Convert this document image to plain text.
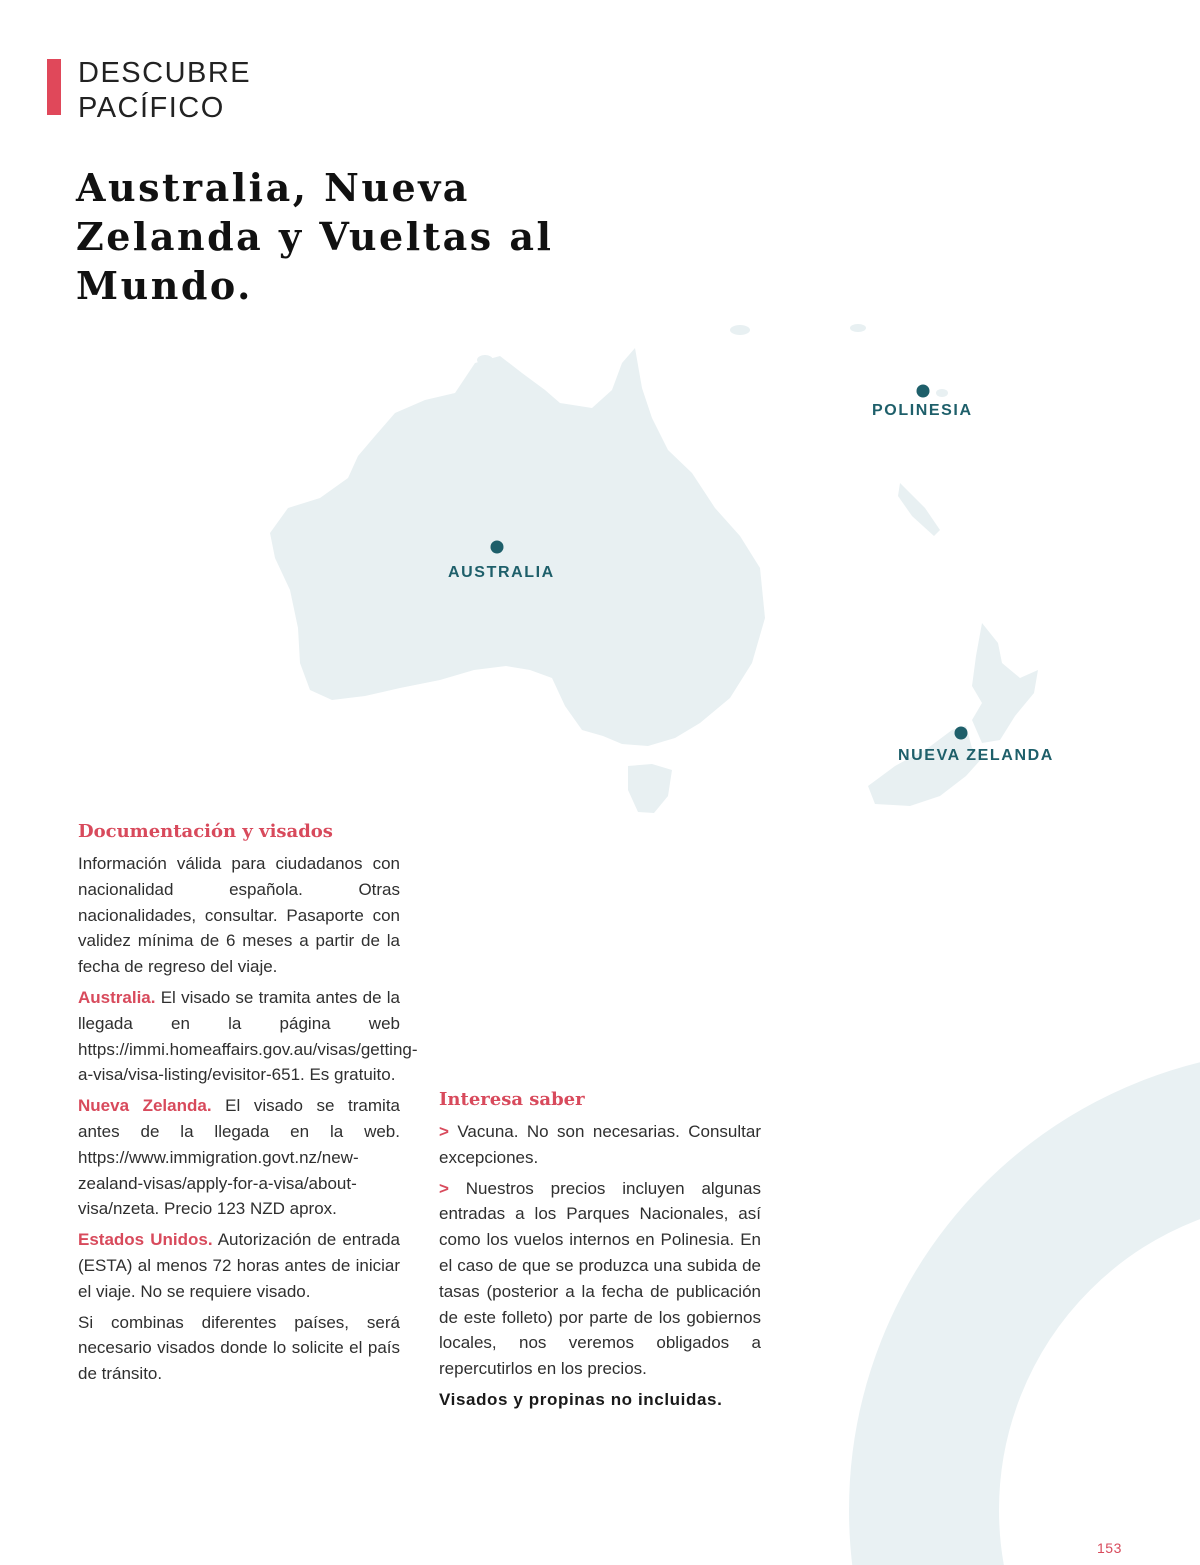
DESCUBRE
PACÍFICO
Australia, Nueva Zelanda y Vueltas al Mundo.
AUSTRALIA
POLINESIA
NUEVA ZELANDA
Documentación y visados

Información válida para ciudadanos con nacionalidad española. Otras nacionalidades, consultar. Pasaporte con validez mínima de 6 meses a partir de la fecha de regreso del viaje.

Australia. El visado se tramita antes de la llegada en la página web https://immi.homeaffairs.gov.au/visas/getting-a-visa/visa-listing/evisitor-651. Es gratuito.

Nueva Zelanda. El visado se tramita antes de la llegada en la web. https://www.immigration.govt.nz/new-zealand-visas/apply-for-a-visa/about-visa/nzeta. Precio 123 NZD aprox.

Estados Unidos. Autorización de entrada (ESTA) al menos 72 horas antes de iniciar el viaje. No se requiere visado.

Si combinas diferentes países, será necesario visados donde lo solicite el país de tránsito.

Interesa saber

> Vacuna. No son necesarias. Consultar excepciones.

> Nuestros precios incluyen algunas entradas a los Parques Nacionales, así como los vuelos internos en Polinesia. En el caso de que se produzca una subida de tasas (posterior a la fecha de publicación de este folleto) por parte de los gobiernos locales, nos veremos obligados a repercutirlos en los precios.

Visados y propinas no incluidas.

153
